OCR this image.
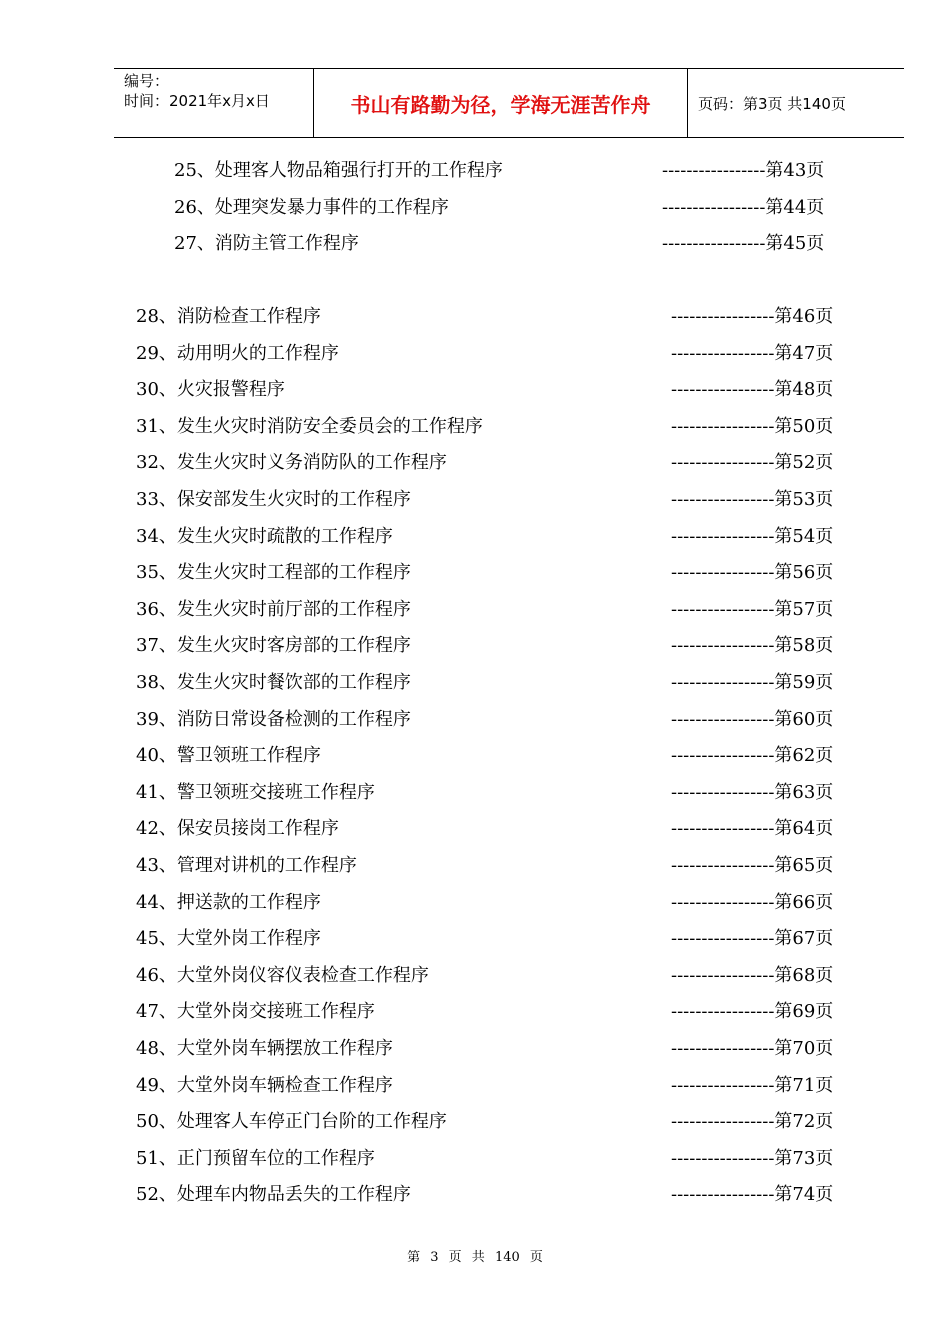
编号：
时间：2021年x月x日	书山有路勤为径，学海无涯苦作舟	页码：第3页 共140页
25、处理客人物品箱强行打开的工作程序	-----------------第43页
26、处理突发暴力事件的工作程序	-----------------第44页
27、消防主管工作程序	-----------------第45页
28、消防检查工作程序	-----------------第46页
29、动用明火的工作程序	-----------------第47页
30、火灾报警程序	-----------------第48页
31、发生火灾时消防安全委员会的工作程序	-----------------第50页
32、发生火灾时义务消防队的工作程序	-----------------第52页
33、保安部发生火灾时的工作程序	-----------------第53页
34、发生火灾时疏散的工作程序	-----------------第54页
35、发生火灾时工程部的工作程序	-----------------第56页
36、发生火灾时前厅部的工作程序	-----------------第57页
37、发生火灾时客房部的工作程序	-----------------第58页
38、发生火灾时餐饮部的工作程序	-----------------第59页
39、消防日常设备检测的工作程序	-----------------第60页
40、警卫领班工作程序	-----------------第62页
41、警卫领班交接班工作程序	-----------------第63页
42、保安员接岗工作程序	-----------------第64页
43、管理对讲机的工作程序	-----------------第65页
44、押送款的工作程序	-----------------第66页
45、大堂外岗工作程序	-----------------第67页
46、大堂外岗仪容仪表检查工作程序	-----------------第68页
47、大堂外岗交接班工作程序	-----------------第69页
48、大堂外岗车辆摆放工作程序	-----------------第70页
49、大堂外岗车辆检查工作程序	-----------------第71页
50、处理客人车停正门台阶的工作程序	-----------------第72页
51、正门预留车位的工作程序	-----------------第73页
52、处理车内物品丢失的工作程序	-----------------第74页
第 3 页 共 140 页
